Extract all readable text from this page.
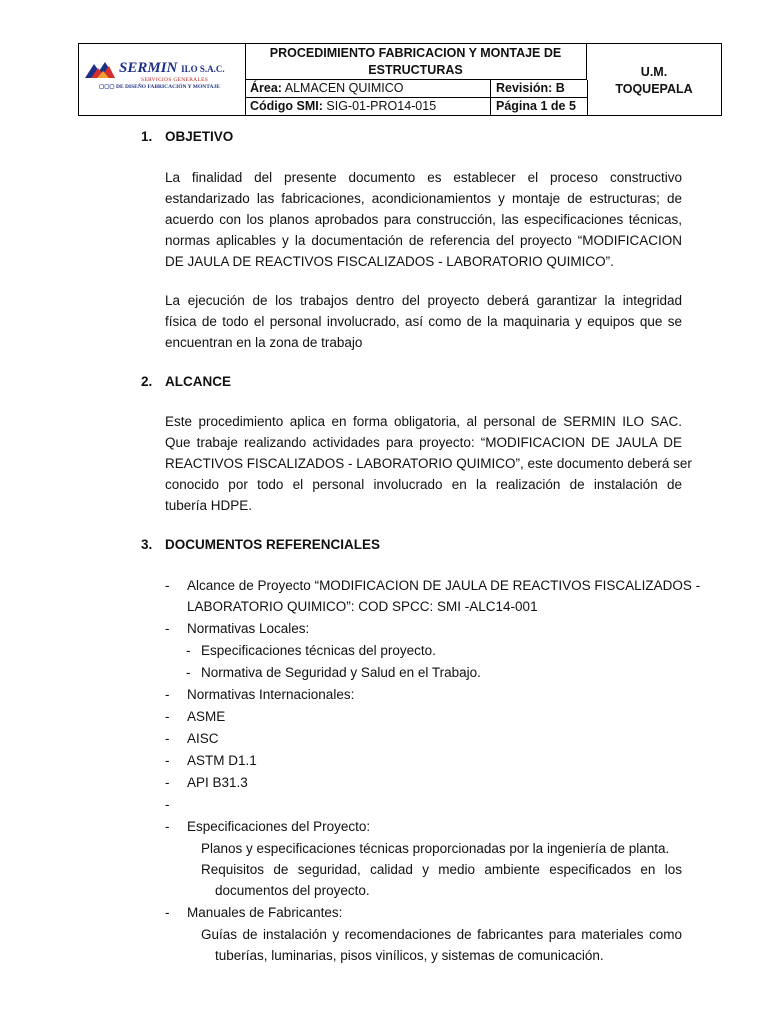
SERMIN ILO S.A.C.
SERVICIOS GENERALES
▢▢▢ DE DISEÑO FABRICACIÓN Y MONTAJE
PROCEDIMIENTO FABRICACION Y MONTAJE DE
ESTRUCTURAS
Área: ALMACEN QUIMICO	Revisión: B
Código SMI: SIG-01-PRO14-015	Página 1 de 5
U.M.
TOQUEPALA
1. OBJETIVO
La finalidad del presente documento es establecer el proceso constructivo
estandarizado las fabricaciones, acondicionamientos y montaje de estructuras; de
acuerdo con los planos aprobados para construcción, las especificaciones técnicas,
normas aplicables y la documentación de referencia del proyecto “MODIFICACION
DE JAULA DE REACTIVOS FISCALIZADOS - LABORATORIO QUIMICO”.
La ejecución de los trabajos dentro del proyecto deberá garantizar la integridad
física de todo el personal involucrado, así como de la maquinaria y equipos que se
encuentran en la zona de trabajo
2. ALCANCE
Este procedimiento aplica en forma obligatoria, al personal de SERMIN ILO SAC.
Que trabaje realizando actividades para proyecto: “MODIFICACION DE JAULA DE
REACTIVOS FISCALIZADOS - LABORATORIO QUIMICO”, este documento deberá ser
conocido por todo el personal involucrado en la realización de instalación de
tubería HDPE.
3. DOCUMENTOS REFERENCIALES
- Alcance de Proyecto “MODIFICACION DE JAULA DE REACTIVOS FISCALIZADOS -
LABORATORIO QUIMICO”: COD SPCC: SMI -ALC14-001
- Normativas Locales:
- Especificaciones técnicas del proyecto.
- Normativa de Seguridad y Salud en el Trabajo.
- Normativas Internacionales:
- ASME
- AISC
- ASTM D1.1
- API B31.3
-
- Especificaciones del Proyecto:
Planos y especificaciones técnicas proporcionadas por la ingeniería de planta.
Requisitos de seguridad, calidad y medio ambiente especificados en los
documentos del proyecto.
- Manuales de Fabricantes:
Guías de instalación y recomendaciones de fabricantes para materiales como
tuberías, luminarias, pisos vinílicos, y sistemas de comunicación.
